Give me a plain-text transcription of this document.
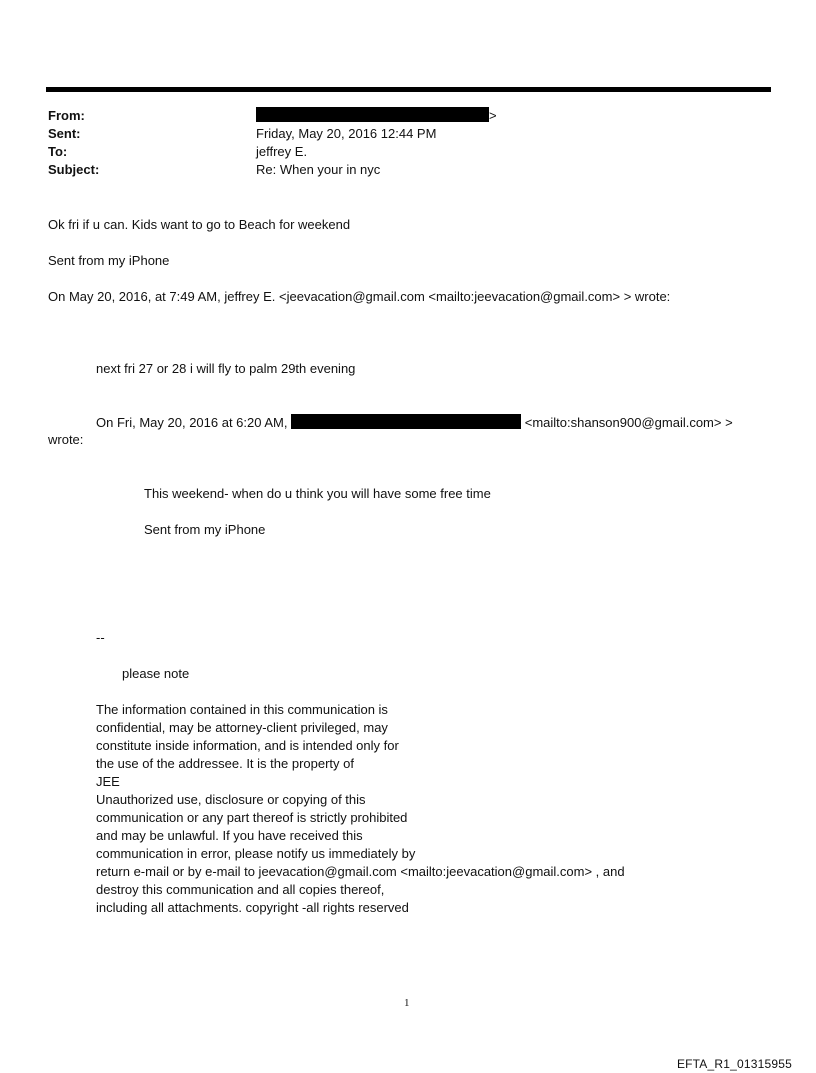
From:	>
Sent:	Friday, May 20, 2016 12:44 PM
To:	jeffrey E.
Subject:	Re: When your in nyc
Ok fri if u can. Kids want to go to Beach for weekend
Sent from my iPhone
On May 20, 2016, at 7:49 AM, jeffrey E. <jeevacation@gmail.com <mailto:jeevacation@gmail.com> > wrote:
next fri 27 or 28 i will fly to palm 29th evening
On Fri, May 20, 2016 at 6:20 AM,	<mailto:shanson900@gmail.com> >
wrote:
This weekend- when do u think you will have some free time
Sent from my iPhone
--
please note
The information contained in this communication is
confidential, may be attorney-client privileged, may
constitute inside information, and is intended only for
the use of the addressee. It is the property of
JEE
Unauthorized use, disclosure or copying of this
communication or any part thereof is strictly prohibited
and may be unlawful. If you have received this
communication in error, please notify us immediately by
return e-mail or by e-mail to jeevacation@gmail.com <mailto:jeevacation@gmail.com> , and
destroy this communication and all copies thereof,
including all attachments. copyright -all rights reserved
1
EFTA_R1_01315955
